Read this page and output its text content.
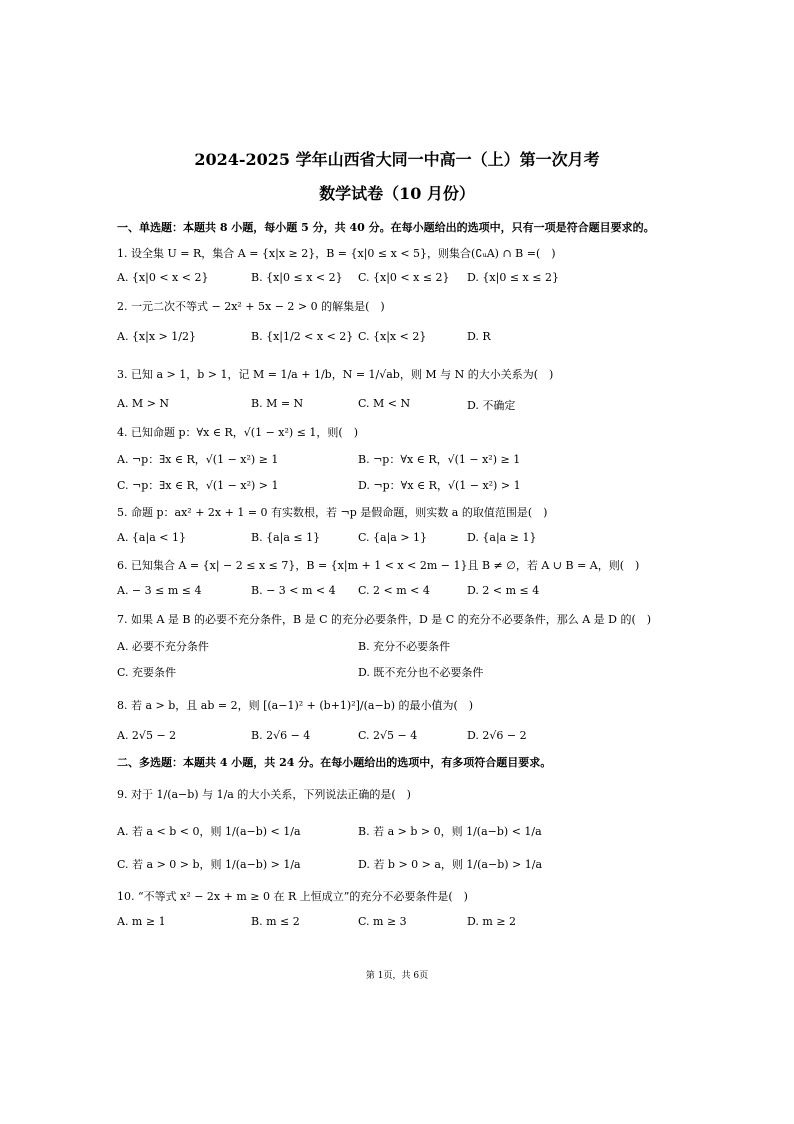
2024-2025 学年山西省大同一中高一（上）第一次月考
数学试卷（10 月份）
一、单选题：本题共 8 小题，每小题 5 分，共 40 分。在每小题给出的选项中，只有一项是符合题目要求的。
1. 设全集 U = R，集合 A = {x|x ≥ 2}，B = {x|0 ≤ x < 5}，则集合(∁ᵤA) ∩ B =(　)
A. {x|0 < x < 2}	B. {x|0 ≤ x < 2} C. {x|0 < x ≤ 2} D. {x|0 ≤ x ≤ 2}
2. 一元二次不等式 − 2x² + 5x − 2 > 0 的解集是(　)
A. {x|x > 1/2}	B. {x|1/2 < x < 2} C. {x|x < 2}	D. R
3. 已知 a > 1，b > 1，记 M = 1/a + 1/b，N = 1/√ab，则 M 与 N 的大小关系为(　)
A. M > N	B. M = N	C. M < N	D. 不确定
4. 已知命题 p：∀x ∈ R，√(1 − x²) ≤ 1，则(　)
A. ¬p：∃x ∈ R，√(1 − x²) ≥ 1	B. ¬p：∀x ∈ R，√(1 − x²) ≥ 1
C. ¬p：∃x ∈ R，√(1 − x²) > 1	D. ¬p：∀x ∈ R，√(1 − x²) > 1
5. 命题 p：ax² + 2x + 1 = 0 有实数根，若 ¬p 是假命题，则实数 a 的取值范围是(　)
A. {a|a < 1}	B. {a|a ≤ 1}	C. {a|a > 1}	D. {a|a ≥ 1}
6. 已知集合 A = {x| − 2 ≤ x ≤ 7}，B = {x|m + 1 < x < 2m − 1}且 B ≠ ∅，若 A ∪ B = A，则(　)
A. − 3 ≤ m ≤ 4	B. − 3 < m < 4 C. 2 < m < 4	D. 2 < m ≤ 4
7. 如果 A 是 B 的必要不充分条件，B 是 C 的充分必要条件，D 是 C 的充分不必要条件，那么 A 是 D 的(　)
A. 必要不充分条件	B. 充分不必要条件
C. 充要条件	D. 既不充分也不必要条件
8. 若 a > b，且 ab = 2，则 [(a−1)² + (b+1)²]/(a−b) 的最小值为(　)
A. 2√5 − 2	B. 2√6 − 4	C. 2√5 − 4	D. 2√6 − 2
二、多选题：本题共 4 小题，共 24 分。在每小题给出的选项中，有多项符合题目要求。
9. 对于 1/(a−b) 与 1/a 的大小关系，下列说法正确的是(　)
A. 若 a < b < 0，则 1/(a−b) < 1/a	B. 若 a > b > 0，则 1/(a−b) < 1/a
C. 若 a > 0 > b，则 1/(a−b) > 1/a	D. 若 b > 0 > a，则 1/(a−b) > 1/a
10. “不等式 x² − 2x + m ≥ 0 在 R 上恒成立”的充分不必要条件是(　)
A. m ≥ 1	B. m ≤ 2	C. m ≥ 3	D. m ≥ 2
第 1页，共 6页
